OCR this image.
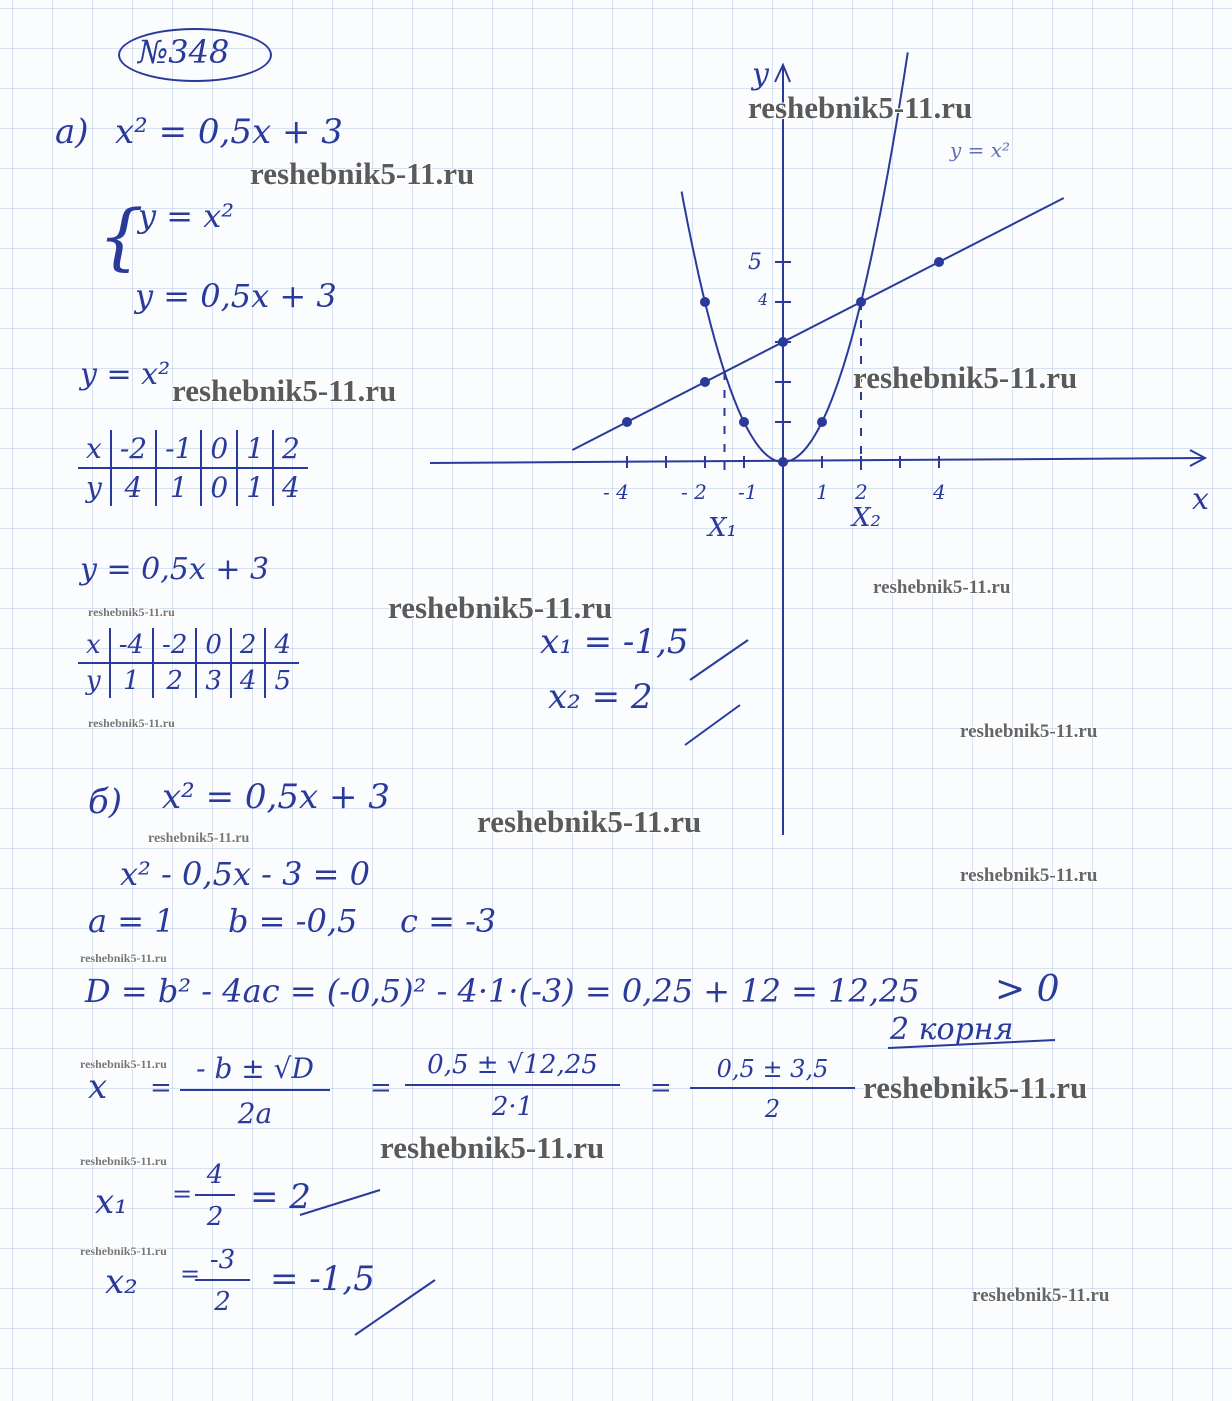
y
x
y = x²
5
4
- 4	- 2 -1	1 2	4
X₁	X₂
№348
а) x² = 0,5x + 3
{
y = x²
y = 0,5x + 3
y = x²
x	-2	-1	0	1	2
y	4	1	0	1	4
y = 0,5x + 3
x	-4	-2	0	2	4
y	1	2	3	4	5
x₁ = -1,5
x₂ = 2
б) x² = 0,5x + 3
x² - 0,5x - 3 = 0
a = 1 b = -0,5 c = -3
D = b² - 4ac = (-0,5)² - 4·1·(-3) = 0,25 + 12 = 12,25 > 0
2 корня
$x = \frac{- b \pm √D}{2a} = \frac{0,5 \pm √12,25}{2\cdot 1} = \frac{0,5 \pm 3,5}{2}$
$x_1 = \frac{4}{2} = 2$
x₂ =
$\frac{-3}{2} = -1,5$
reshebnik5-11.ru
reshebnik5-11.ru
reshebnik5-11.ru
reshebnik5-11.ru
reshebnik5-11.ru
reshebnik5-11.ru
reshebnik5-11.ru
reshebnik5-11.ru	reshebnik5-11.ru
reshebnik5-11.ru
reshebnik5-11.ru
reshebnik5-11.ru
reshebnik5-11.ru
reshebnik5-11.ru
reshebnik5-11.ru
reshebnik5-11.ru
reshebnik5-11.ru
reshebnik5-11.ru
reshebnik5-11.ru
